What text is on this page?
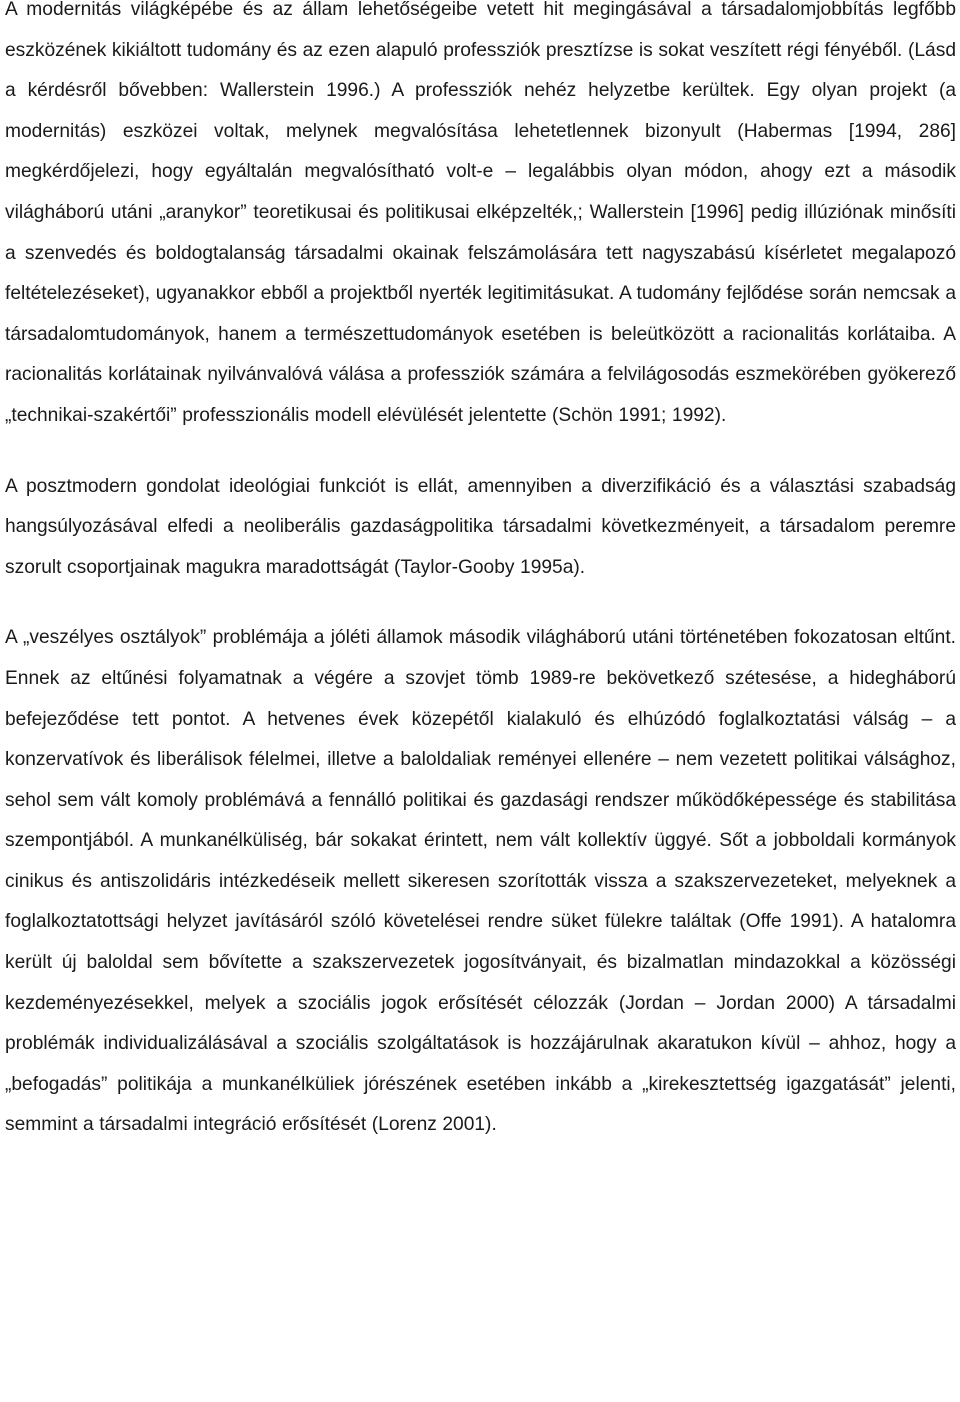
A modernitás világképébe és az állam lehetőségeibe vetett hit megingásával a társadalomjobbítás legfőbb eszközének kikiáltott tudomány és az ezen alapuló professziók presztízse is sokat veszített régi fényéből. (Lásd a kérdésről bővebben: Wallerstein 1996.) A professziók nehéz helyzetbe kerültek. Egy olyan projekt (a modernitás) eszközei voltak, melynek megvalósítása lehetetlennek bizonyult (Habermas [1994, 286] megkérdőjelezi, hogy egyáltalán megvalósítható volt-e – legalábbis olyan módon, ahogy ezt a második világháború utáni „aranykor” teoretikusai és politikusai elképzelték,; Wallerstein [1996] pedig illúziónak minősíti a szenvedés és boldogtalanság társadalmi okainak felszámolására tett nagyszabású kísérletet megalapozó feltételezéseket), ugyanakkor ebből a projektből nyerték legitimitásukat. A tudomány fejlődése során nemcsak a társadalomtudományok, hanem a természettudományok esetében is beleütközött a racionalitás korlátaiba. A racionalitás korlátainak nyilvánvalóvá válása a professziók számára a felvilágosodás eszmekörében gyökerező „technikai-szakértői” professzionális modell elévülését jelentette (Schön 1991; 1992).

A posztmodern gondolat ideológiai funkciót is ellát, amennyiben a diverzifikáció és a választási szabadság hangsúlyozásával elfedi a neoliberális gazdaságpolitika társadalmi következményeit, a társadalom peremre szorult csoportjainak magukra maradottságát (Taylor-Gooby 1995a).

A „veszélyes osztályok” problémája a jóléti államok második világháború utáni történetében fokozatosan eltűnt. Ennek az eltűnési folyamatnak a végére a szovjet tömb 1989-re bekövetkező szétesése, a hidegháború befejeződése tett pontot. A hetvenes évek közepétől kialakuló és elhúzódó foglalkoztatási válság – a konzervatívok és liberálisok félelmei, illetve a baloldaliak reményei ellenére – nem vezetett politikai válsághoz, sehol sem vált komoly problémává a fennálló politikai és gazdasági rendszer működőképessége és stabilitása szempontjából. A munkanélküliség, bár sokakat érintett, nem vált kollektív üggyé. Sőt a jobboldali kormányok cinikus és antiszolidáris intézkedéseik mellett sikeresen szorították vissza a szakszervezeteket, melyeknek a foglalkoztatottsági helyzet javításáról szóló követelései rendre süket fülekre találtak (Offe 1991). A hatalomra került új baloldal sem bővítette a szakszervezetek jogosítványait, és bizalmatlan mindazokkal a közösségi kezdeményezésekkel, melyek a szociális jogok erősítését célozzák (Jordan – Jordan 2000) A társadalmi problémák individualizálásával a szociális szolgáltatások is hozzájárulnak akaratukon kívül – ahhoz, hogy a „befogadás” politikája a munkanélküliek jórészének esetében inkább a „kirekesztettség igazgatását” jelenti, semmint a társadalmi integráció erősítését (Lorenz 2001).
